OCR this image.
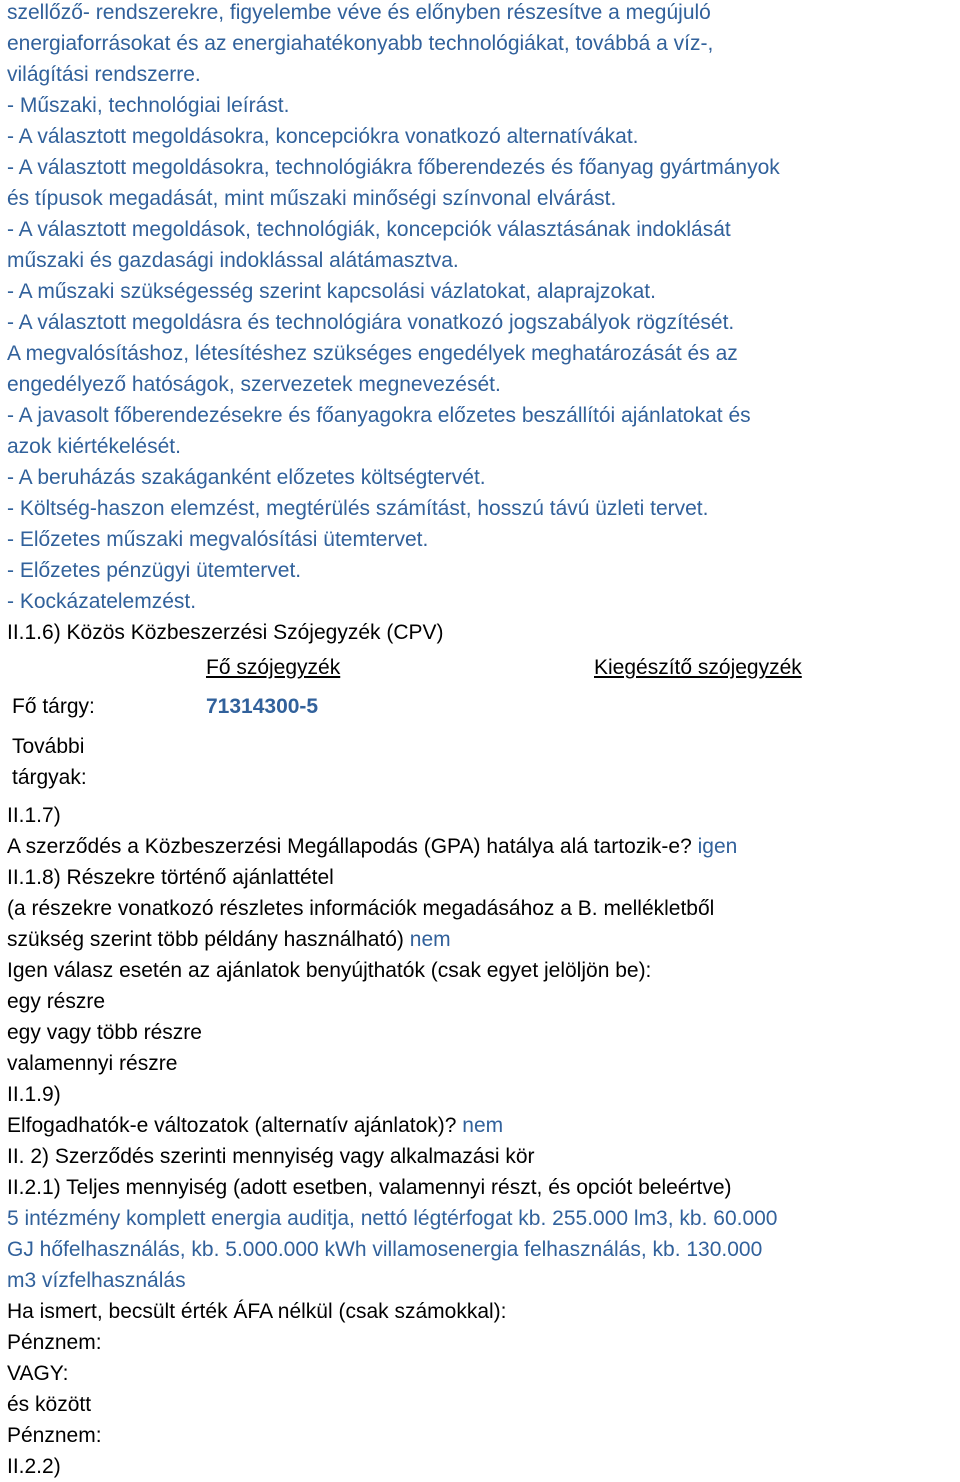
szellőző- rendszerekre, figyelembe véve és előnyben részesítve a megújuló
energiaforrásokat és az energiahatékonyabb technológiákat, továbbá a víz-,
világítási rendszerre.
- Műszaki, technológiai leírást.
- A választott megoldásokra, koncepciókra vonatkozó alternatívákat.
- A választott megoldásokra, technológiákra főberendezés és főanyag gyártmányok
és típusok megadását, mint műszaki minőségi színvonal elvárást.
- A választott megoldások, technológiák, koncepciók választásának indoklását
műszaki és gazdasági indoklással alátámasztva.
- A műszaki szükségesség szerint kapcsolási vázlatokat, alaprajzokat.
- A választott megoldásra és technológiára vonatkozó jogszabályok rögzítését.
A megvalósításhoz, létesítéshez szükséges engedélyek meghatározását és az
engedélyező hatóságok, szervezetek megnevezését.
- A javasolt főberendezésekre és főanyagokra előzetes beszállítói ajánlatokat és
azok kiértékelését.
- A beruházás szakáganként előzetes költségtervét.
- Költség-haszon elemzést, megtérülés számítást, hosszú távú üzleti tervet.
- Előzetes műszaki megvalósítási ütemtervet.
- Előzetes pénzügyi ütemtervet.
- Kockázatelemzést.
II.1.6) Közös Közbeszerzési Szójegyzék (CPV)
Fő szójegyzék	Kiegészítő szójegyzék
Fő tárgy:	71314300-5
További
tárgyak:
II.1.7)
A szerződés a Közbeszerzési Megállapodás (GPA) hatálya alá tartozik-e? igen
II.1.8) Részekre történő ajánlattétel
(a részekre vonatkozó részletes információk megadásához a B. mellékletből
szükség szerint több példány használható) nem
Igen válasz esetén az ajánlatok benyújthatók (csak egyet jelöljön be):
egy részre
egy vagy több részre
valamennyi részre
II.1.9)
Elfogadhatók-e változatok (alternatív ajánlatok)? nem
II. 2) Szerződés szerinti mennyiség vagy alkalmazási kör
II.2.1) Teljes mennyiség (adott esetben, valamennyi részt, és opciót beleértve)
5 intézmény komplett energia auditja, nettó légtérfogat kb. 255.000 lm3, kb. 60.000
GJ hőfelhasználás, kb. 5.000.000 kWh villamosenergia felhasználás, kb. 130.000
m3 vízfelhasználás
Ha ismert, becsült érték ÁFA nélkül (csak számokkal):
Pénznem:
VAGY:
és között
Pénznem:
II.2.2)
